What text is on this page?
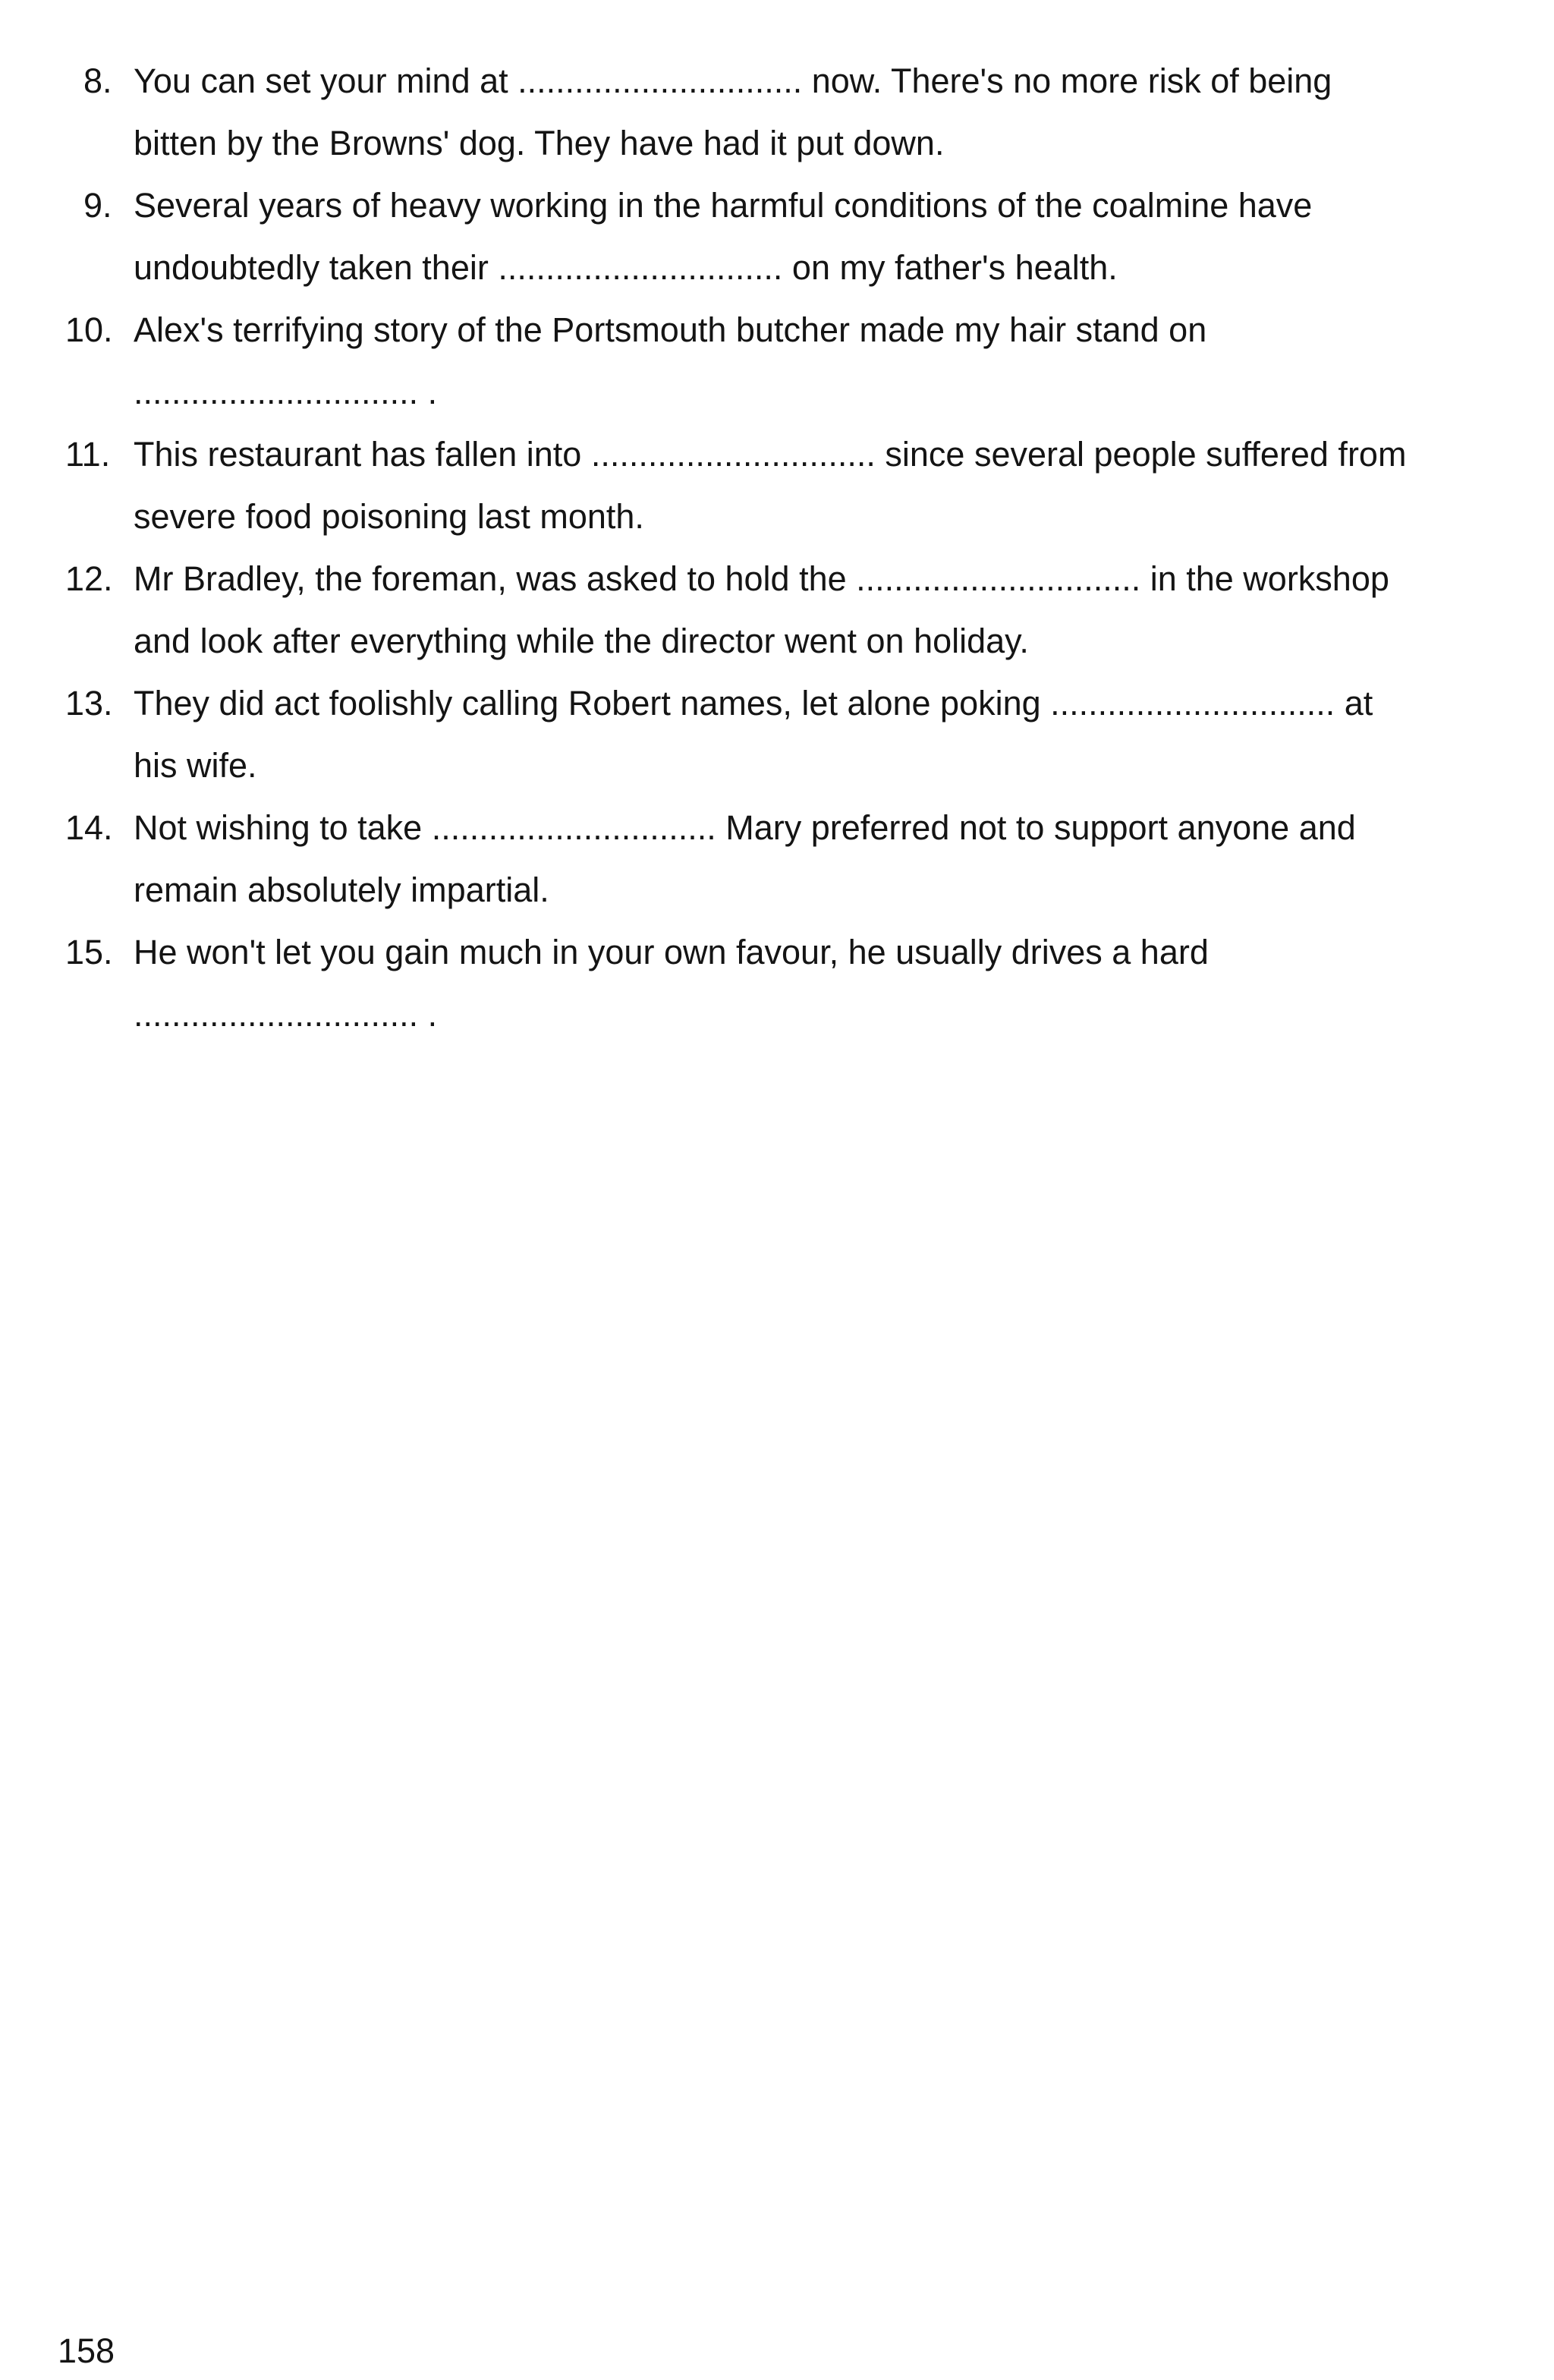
8. You can set your mind at .............................. now. There's no more risk of being
bitten by the Browns' dog. They have had it put down.
9. Several years of heavy working in the harmful conditions of the coalmine have
undoubtedly taken their .............................. on my father's health.
10. Alex's terrifying story of the Portsmouth butcher made my hair stand on
.............................. .
11. This restaurant has fallen into .............................. since several people suffered from
severe food poisoning last month.
12. Mr Bradley, the foreman, was asked to hold the .............................. in the workshop
and look after everything while the director went on holiday.
13. They did act foolishly calling Robert names, let alone poking .............................. at
his wife.
14. Not wishing to take .............................. Mary preferred not to support anyone and
remain absolutely impartial.
15. He won't let you gain much in your own favour, he usually drives a hard
.............................. .
158
